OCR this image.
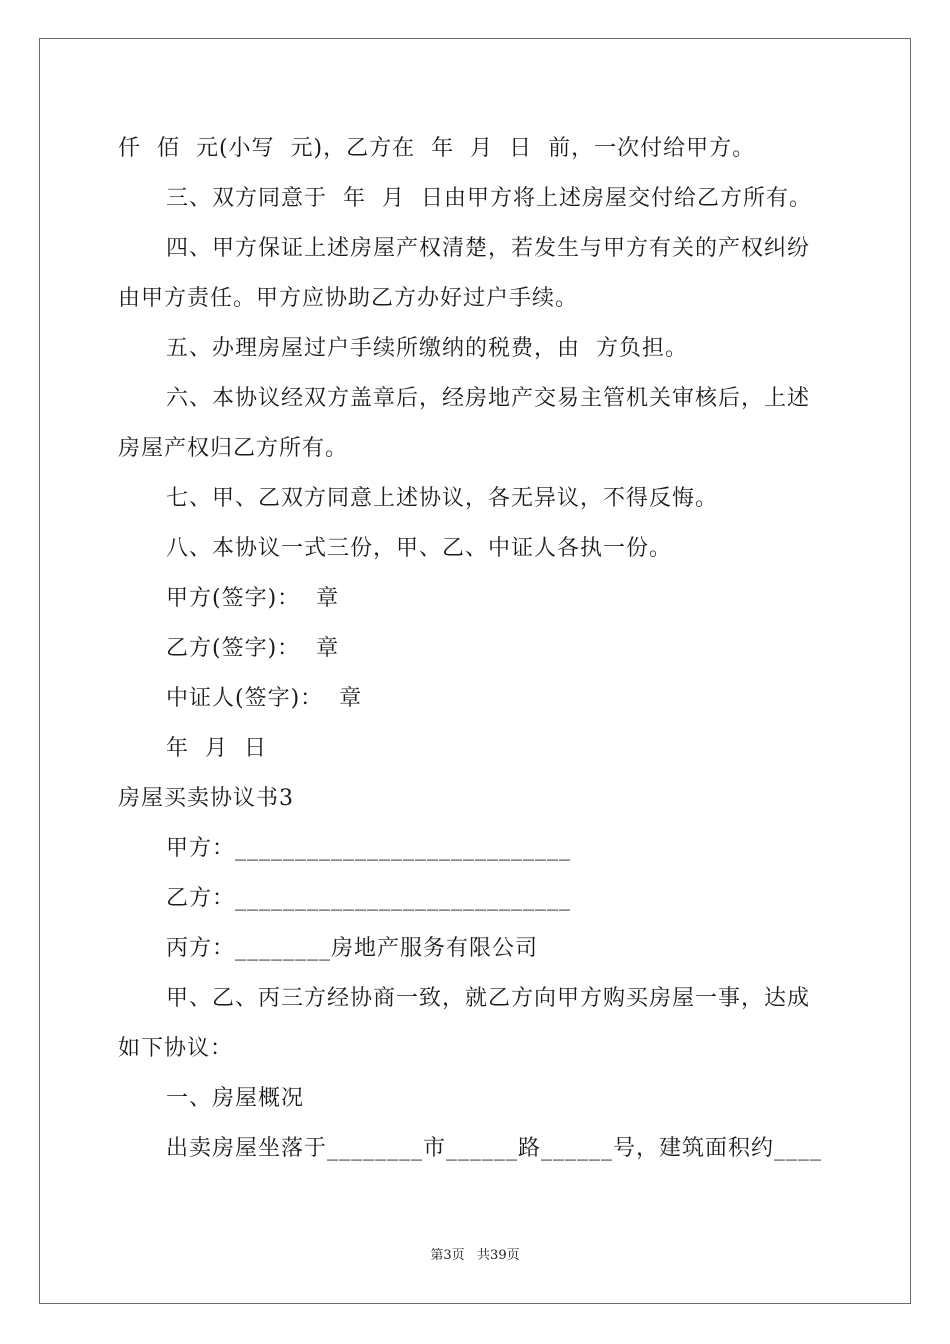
仟  佰  元(小写  元)，乙方在  年  月  日  前，一次付给甲方。

三、双方同意于  年  月  日由甲方将上述房屋交付给乙方所有。

四、甲方保证上述房屋产权清楚，若发生与甲方有关的产权纠纷

由甲方责任。甲方应协助乙方办好过户手续。

五、办理房屋过户手续所缴纳的税费，由  方负担。

六、本协议经双方盖章后，经房地产交易主管机关审核后，上述

房屋产权归乙方所有。

七、甲、乙双方同意上述协议，各无异议，不得反悔。

八、本协议一式三份，甲、乙、中证人各执一份。

甲方(签字)：  章

乙方(签字)：  章

中证人(签字)：  章

年  月  日

房屋买卖协议书3

甲方：____________________________

乙方：____________________________

丙方：________房地产服务有限公司

甲、乙、丙三方经协商一致，就乙方向甲方购买房屋一事，达成

如下协议：

一、房屋概况

出卖房屋坐落于________市______路______号，建筑面积约____

第3页   共39页
